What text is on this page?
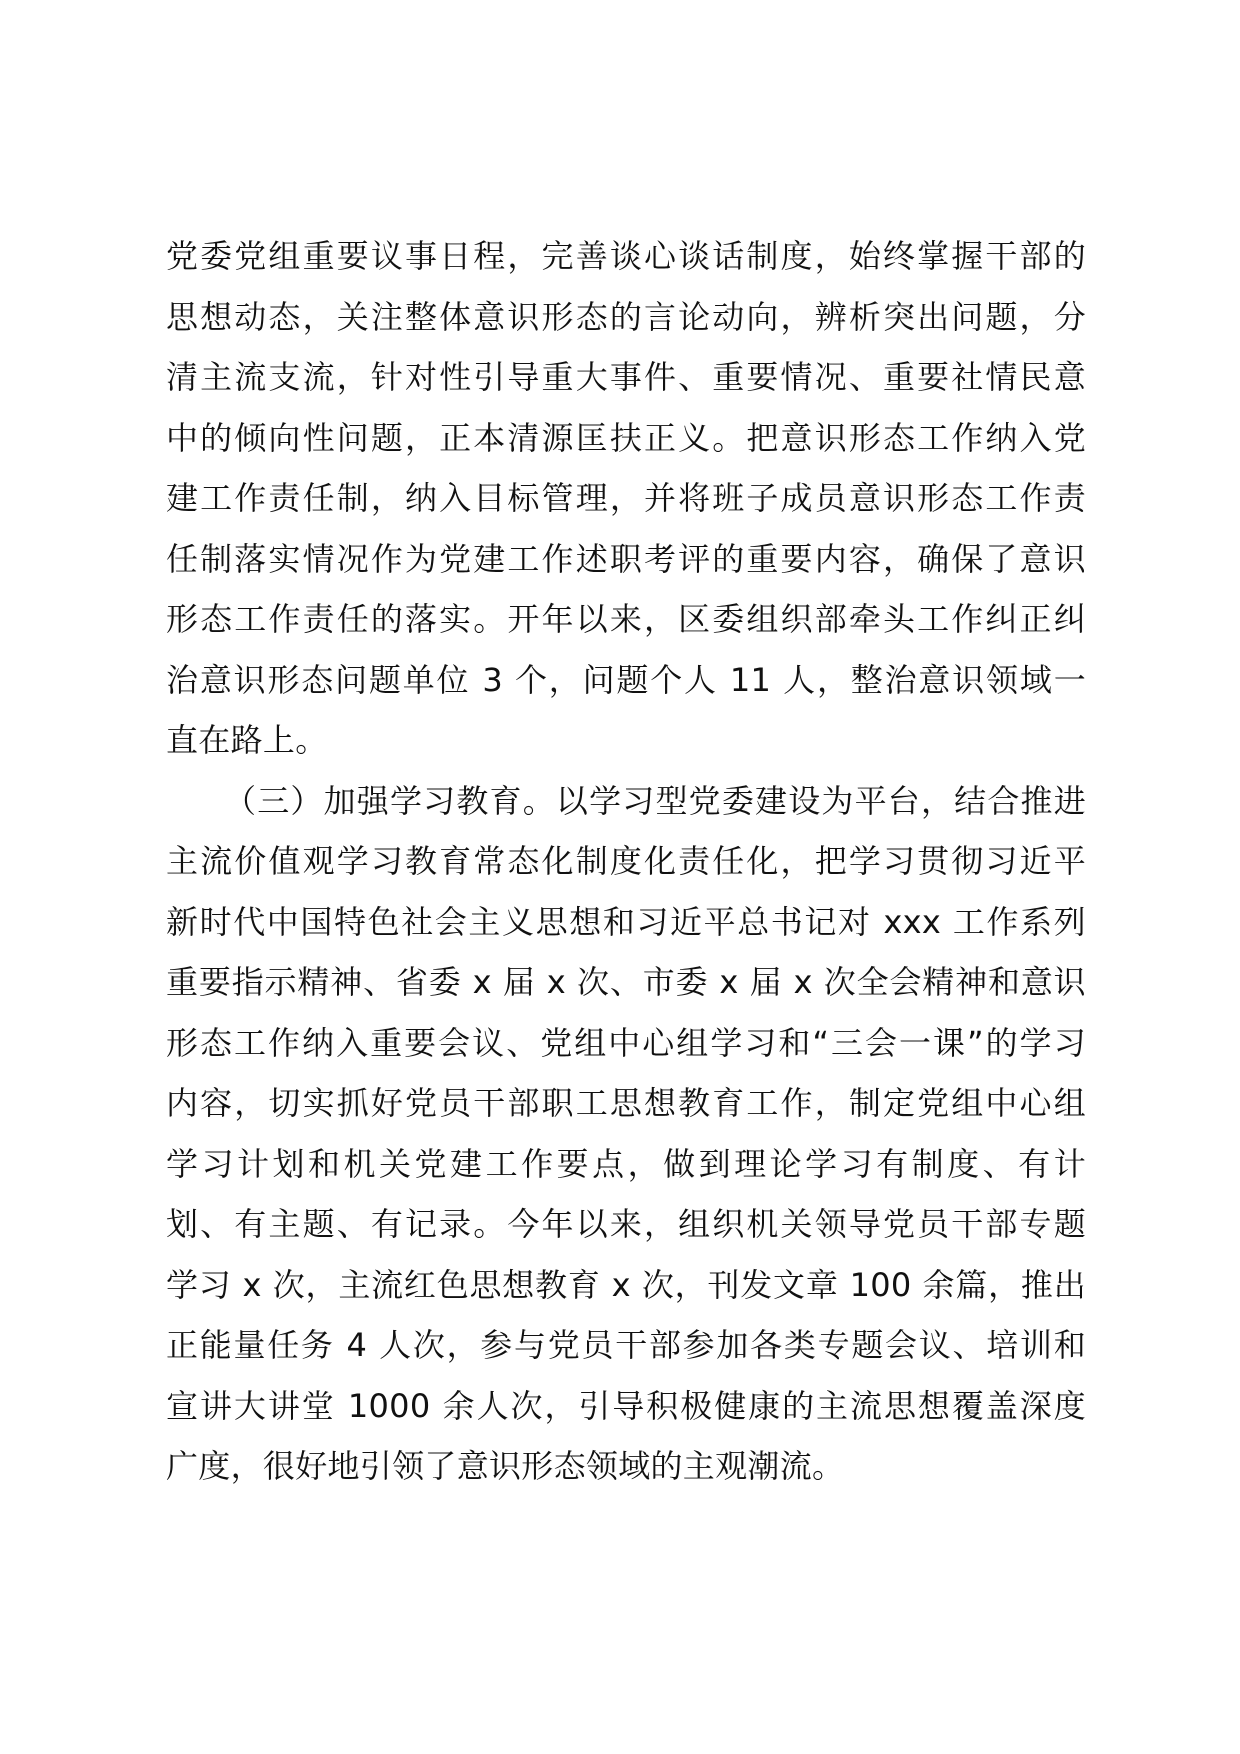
党委党组重要议事日程，完善谈心谈话制度，始终掌握干部的
思想动态，关注整体意识形态的言论动向，辨析突出问题，分
清主流支流，针对性引导重大事件、重要情况、重要社情民意
中的倾向性问题，正本清源匡扶正义。把意识形态工作纳入党
建工作责任制，纳入目标管理，并将班子成员意识形态工作责
任制落实情况作为党建工作述职考评的重要内容，确保了意识
形态工作责任的落实。开年以来，区委组织部牵头工作纠正纠
治意识形态问题单位 3 个，问题个人 11 人，整治意识领域一
直在路上。
（三）加强学习教育。以学习型党委建设为平台，结合推进
主流价值观学习教育常态化制度化责任化，把学习贯彻习近平
新时代中国特色社会主义思想和习近平总书记对 xxx 工作系列
重要指示精神、省委 x 届 x 次、市委 x 届 x 次全会精神和意识
形态工作纳入重要会议、党组中心组学习和“三会一课”的学习
内容，切实抓好党员干部职工思想教育工作，制定党组中心组
学习计划和机关党建工作要点，做到理论学习有制度、有计
划、有主题、有记录。今年以来，组织机关领导党员干部专题
学习 x 次，主流红色思想教育 x 次，刊发文章 100 余篇，推出
正能量任务 4 人次，参与党员干部参加各类专题会议、培训和
宣讲大讲堂 1000 余人次，引导积极健康的主流思想覆盖深度
广度，很好地引领了意识形态领域的主观潮流。
